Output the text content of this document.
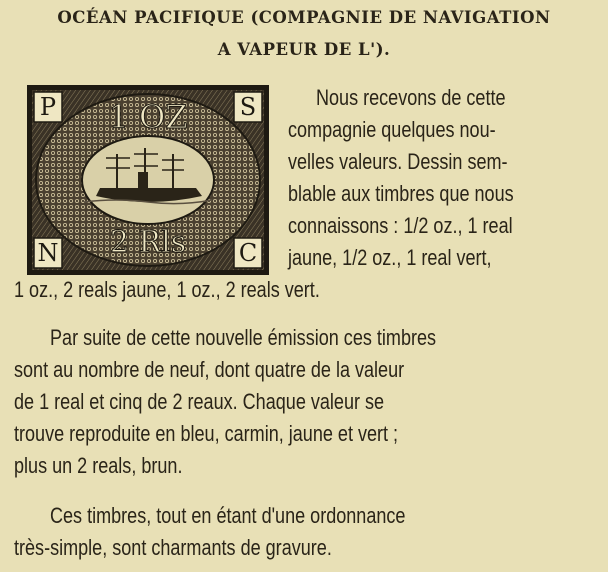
OCÉAN PACIFIQUE (COMPAGNIE DE NAVIGATION
A VAPEUR DE L').
P	S
N	C
1 OZ
2 Rls
Nous recevons de cette
compagnie quelques nou-
velles valeurs. Dessin sem-
blable aux timbres que nous
connaissons : 1/2 oz., 1 real
jaune, 1/2 oz., 1 real vert,
1 oz., 2 reals jaune, 1 oz., 2 reals vert.
Par suite de cette nouvelle émission ces timbres
sont au nombre de neuf, dont quatre de la valeur
de 1 real et cinq de 2 reaux. Chaque valeur se
trouve reproduite en bleu, carmin, jaune et vert ;
plus un 2 reals, brun.
Ces timbres, tout en étant d'une ordonnance
très-simple, sont charmants de gravure.
